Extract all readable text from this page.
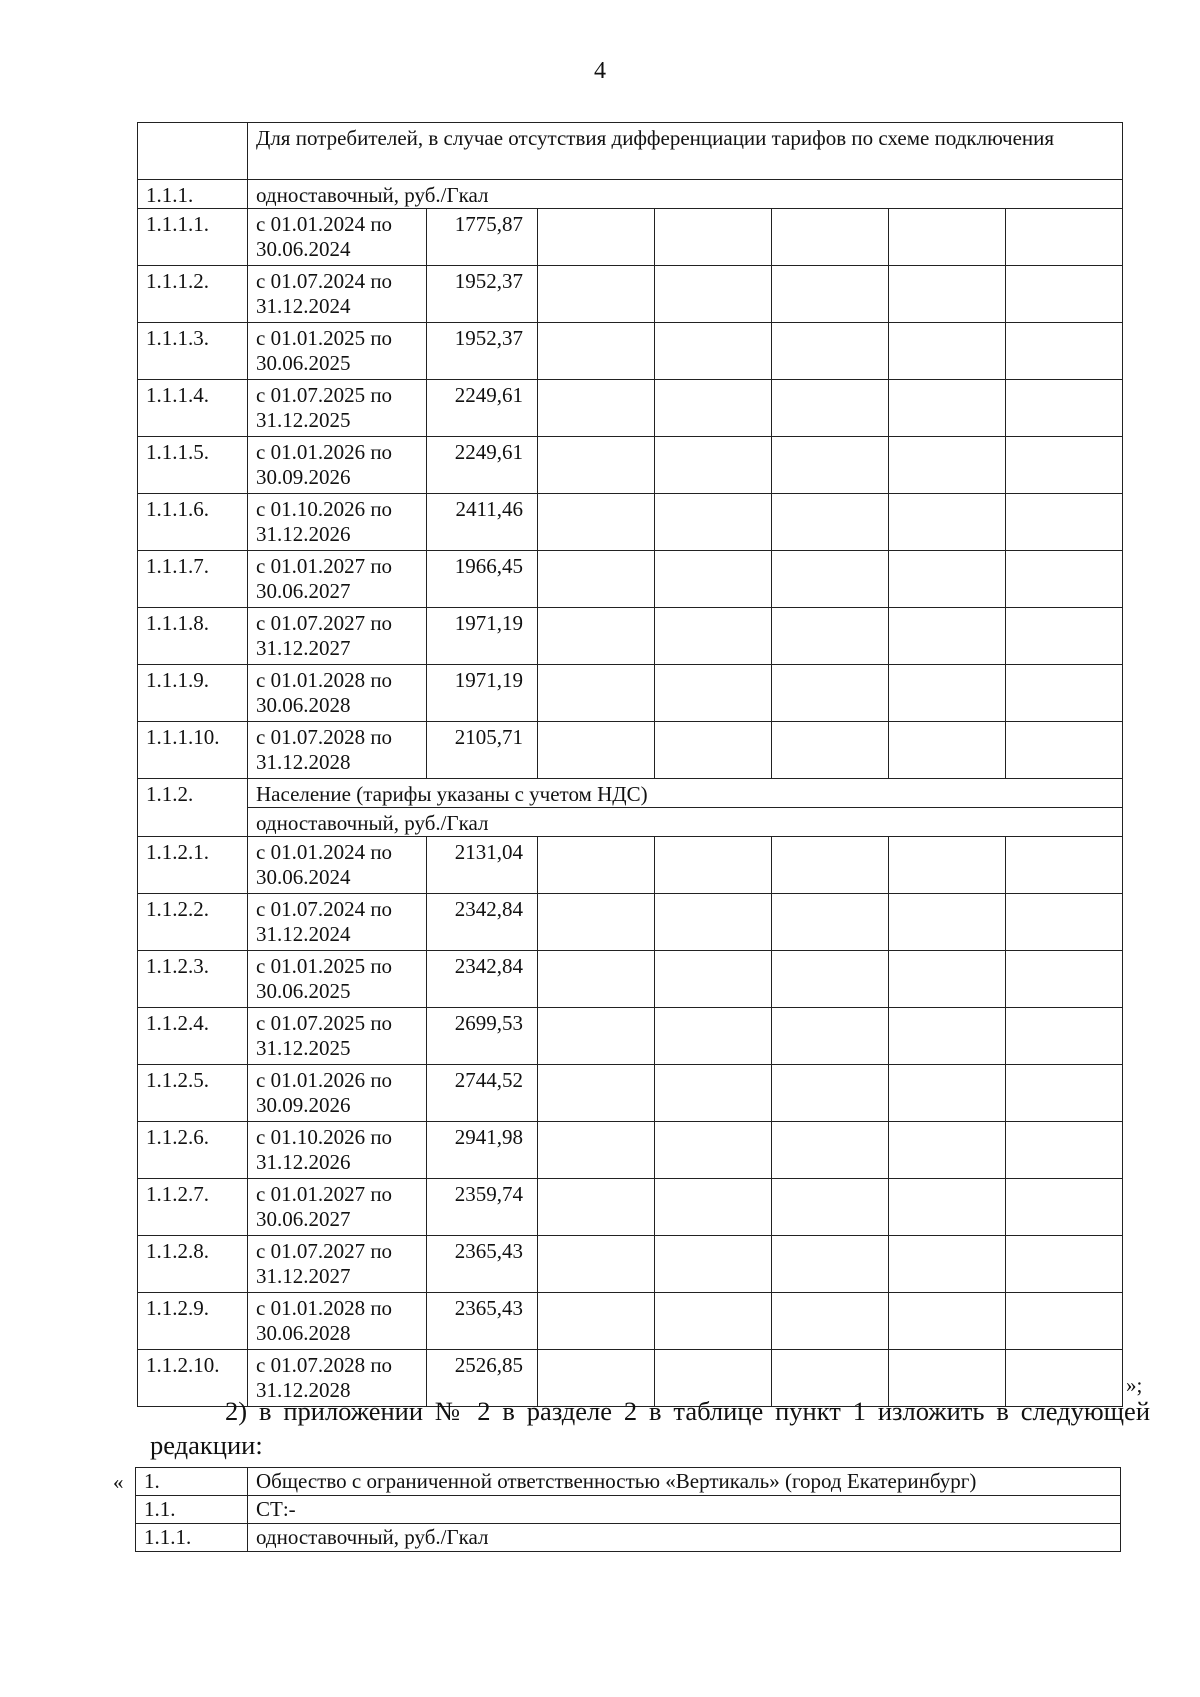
4
	Для потребителей, в случае отсутствия дифференциации тарифов по схеме подключения						
1.1.1.	одноставочный, руб./Гкал						
1.1.1.1.	с 01.01.2024 по 30.06.2024	1775,87					
1.1.1.2.	с 01.07.2024 по 31.12.2024	1952,37					
1.1.1.3.	с 01.01.2025 по 30.06.2025	1952,37					
1.1.1.4.	с 01.07.2025 по 31.12.2025	2249,61					
1.1.1.5.	с 01.01.2026 по 30.09.2026	2249,61					
1.1.1.6.	с 01.10.2026 по 31.12.2026	2411,46					
1.1.1.7.	с 01.01.2027 по 30.06.2027	1966,45					
1.1.1.8.	с 01.07.2027 по 31.12.2027	1971,19					
1.1.1.9.	с 01.01.2028 по 30.06.2028	1971,19					
1.1.1.10.	с 01.07.2028 по 31.12.2028	2105,71					
1.1.2.	Население (тарифы указаны с учетом НДС)						
	одноставочный, руб./Гкал						
1.1.2.1.	с 01.01.2024 по 30.06.2024	2131,04					
1.1.2.2.	с 01.07.2024 по 31.12.2024	2342,84					
1.1.2.3.	с 01.01.2025 по 30.06.2025	2342,84					
1.1.2.4.	с 01.07.2025 по 31.12.2025	2699,53					
1.1.2.5.	с 01.01.2026 по 30.09.2026	2744,52					
1.1.2.6.	с 01.10.2026 по 31.12.2026	2941,98					
1.1.2.7.	с 01.01.2027 по 30.06.2027	2359,74					
1.1.2.8.	с 01.07.2027 по 31.12.2027	2365,43					
1.1.2.9.	с 01.01.2028 по 30.06.2028	2365,43					
1.1.2.10.	с 01.07.2028 по 31.12.2028	2526,85					
»;
2) в приложении № 2 в разделе 2 в таблице пункт 1 изложить в следующей
редакции:
« 1.	Общество с ограниченной ответственностью «Вертикаль» (город Екатеринбург)
1.1.	СТ:-
1.1.1.	одноставочный, руб./Гкал
